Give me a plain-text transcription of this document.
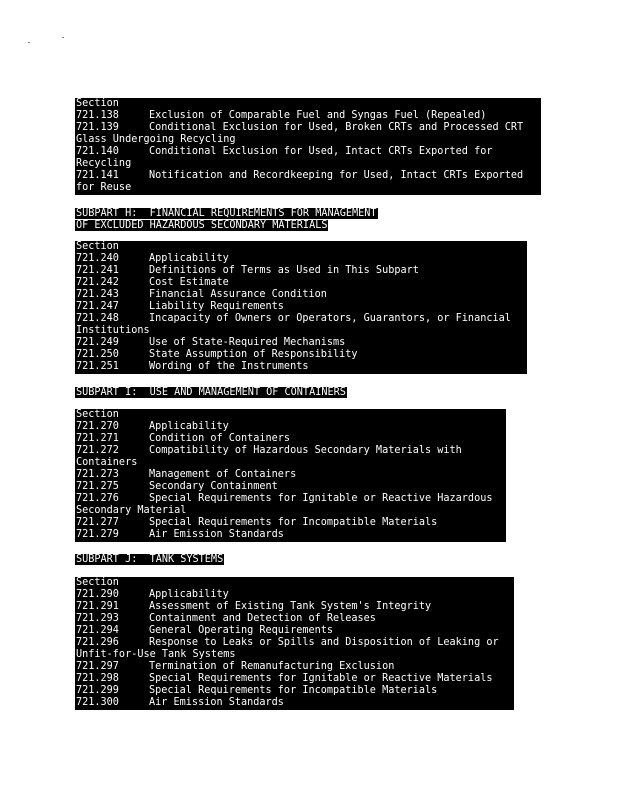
Section
721.138	Exclusion of Comparable Fuel and Syngas Fuel (Repealed)
721.139	Conditional Exclusion for Used, Broken CRTs and Processed CRT
Glass Undergoing Recycling
721.140	Conditional Exclusion for Used, Intact CRTs Exported for
Recycling
721.141	Notification and Recordkeeping for Used, Intact CRTs Exported
for Reuse
SUBPART H:  FINANCIAL REQUIREMENTS FOR MANAGEMENT
OF EXCLUDED HAZARDOUS SECONDARY MATERIALS
Section
721.240	Applicability
721.241	Definitions of Terms as Used in This Subpart
721.242	Cost Estimate
721.243	Financial Assurance Condition
721.247	Liability Requirements
721.248	Incapacity of Owners or Operators, Guarantors, or Financial
Institutions
721.249	Use of State-Required Mechanisms
721.250	State Assumption of Responsibility
721.251	Wording of the Instruments
SUBPART I:  USE AND MANAGEMENT OF CONTAINERS
Section
721.270	Applicability
721.271	Condition of Containers
721.272	Compatibility of Hazardous Secondary Materials with
Containers
721.273	Management of Containers
721.275	Secondary Containment
721.276	Special Requirements for Ignitable or Reactive Hazardous
Secondary Material
721.277	Special Requirements for Incompatible Materials
721.279	Air Emission Standards
SUBPART J:  TANK SYSTEMS
Section
721.290	Applicability
721.291	Assessment of Existing Tank System's Integrity
721.293	Containment and Detection of Releases
721.294	General Operating Requirements
721.296	Response to Leaks or Spills and Disposition of Leaking or
Unfit-for-Use Tank Systems
721.297	Termination of Remanufacturing Exclusion
721.298	Special Requirements for Ignitable or Reactive Materials
721.299	Special Requirements for Incompatible Materials
721.300	Air Emission Standards
